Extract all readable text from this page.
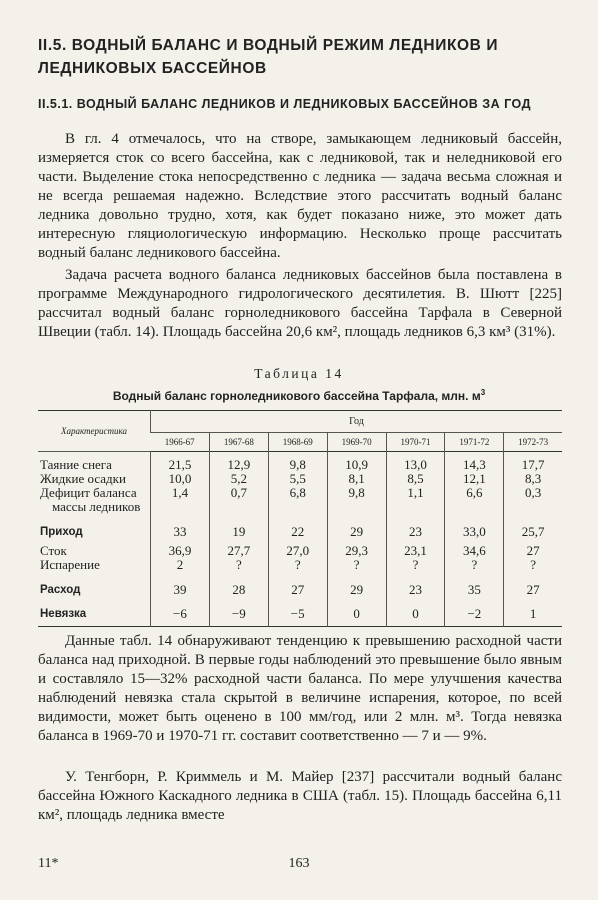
II.5. ВОДНЫЙ БАЛАНС И ВОДНЫЙ РЕЖИМ ЛЕДНИКОВ И ЛЕДНИКОВЫХ БАССЕЙНОВ
II.5.1. ВОДНЫЙ БАЛАНС ЛЕДНИКОВ И ЛЕДНИКОВЫХ БАССЕЙНОВ ЗА ГОД

В гл. 4 отмечалось, что на створе, замыкающем ледниковый бассейн, измеряется сток со всего бассейна, как с ледниковой, так и неледниковой его части. Выделение стока непосредственно с ледника — задача весьма сложная и не всегда решаемая надежно. Вследствие этого рассчитать водный баланс ледника довольно трудно, хотя, как будет показано ниже, это может дать интересную гляциологическую информацию. Несколько проще рассчитать водный баланс ледникового бассейна.

Задача расчета водного баланса ледниковых бассейнов была поставлена в программе Международного гидрологического десятилетия. В. Шютт [225] рассчитал водный баланс горноледникового бассейна Тарфала в Северной Швеции (табл. 14). Площадь бассейна 20,6 км², площадь ледников 6,3 км³ (31%).

Таблица 14
Водный баланс горноледникового бассейна Тарфала, млн. $м^3$
Характеристика	Год						
	1966-67	1967-68	1968-69	1969-70	1970-71	1971-72	1972-73

Таяние снега	21,5	12,9	9,8	10,9	13,0	14,3	17,7
Жидкие осадки	10,0	5,2	5,5	8,1	8,5	12,1	8,3
Дефицит баланса	1,4	0,7	6,8	9,8	1,1	6,6	0,3
массы ледников							

Приход	33	19	22	29	23	33,0	25,7
Сток	36,9	27,7	27,0	29,3	23,1	34,6	27
Испарение	2	?	?	?	?	?	?

Расход	39	28	27	29	23	35	27
Невязка	−6	−9	−5	0	0	−2	1

Данные табл. 14 обнаруживают тенденцию к превышению расходной части баланса над приходной. В первые годы наблюдений это превышение было явным и составляло 15—32% расходной части баланса. По мере улучшения качества наблюдений невязка стала скрытой в величине испарения, которое, по всей видимости, может быть оценено в 100 мм/год, или 2 млн. м³. Тогда невязка баланса в 1969-70 и 1970-71 гг. составит соответственно — 7 и — 9%.

У. Тенгборн, Р. Криммель и М. Майер [237] рассчитали водный баланс бассейна Южного Каскадного ледника в США (табл. 15). Площадь бассейна 6,11 км², площадь ледника вместе

11*	163
